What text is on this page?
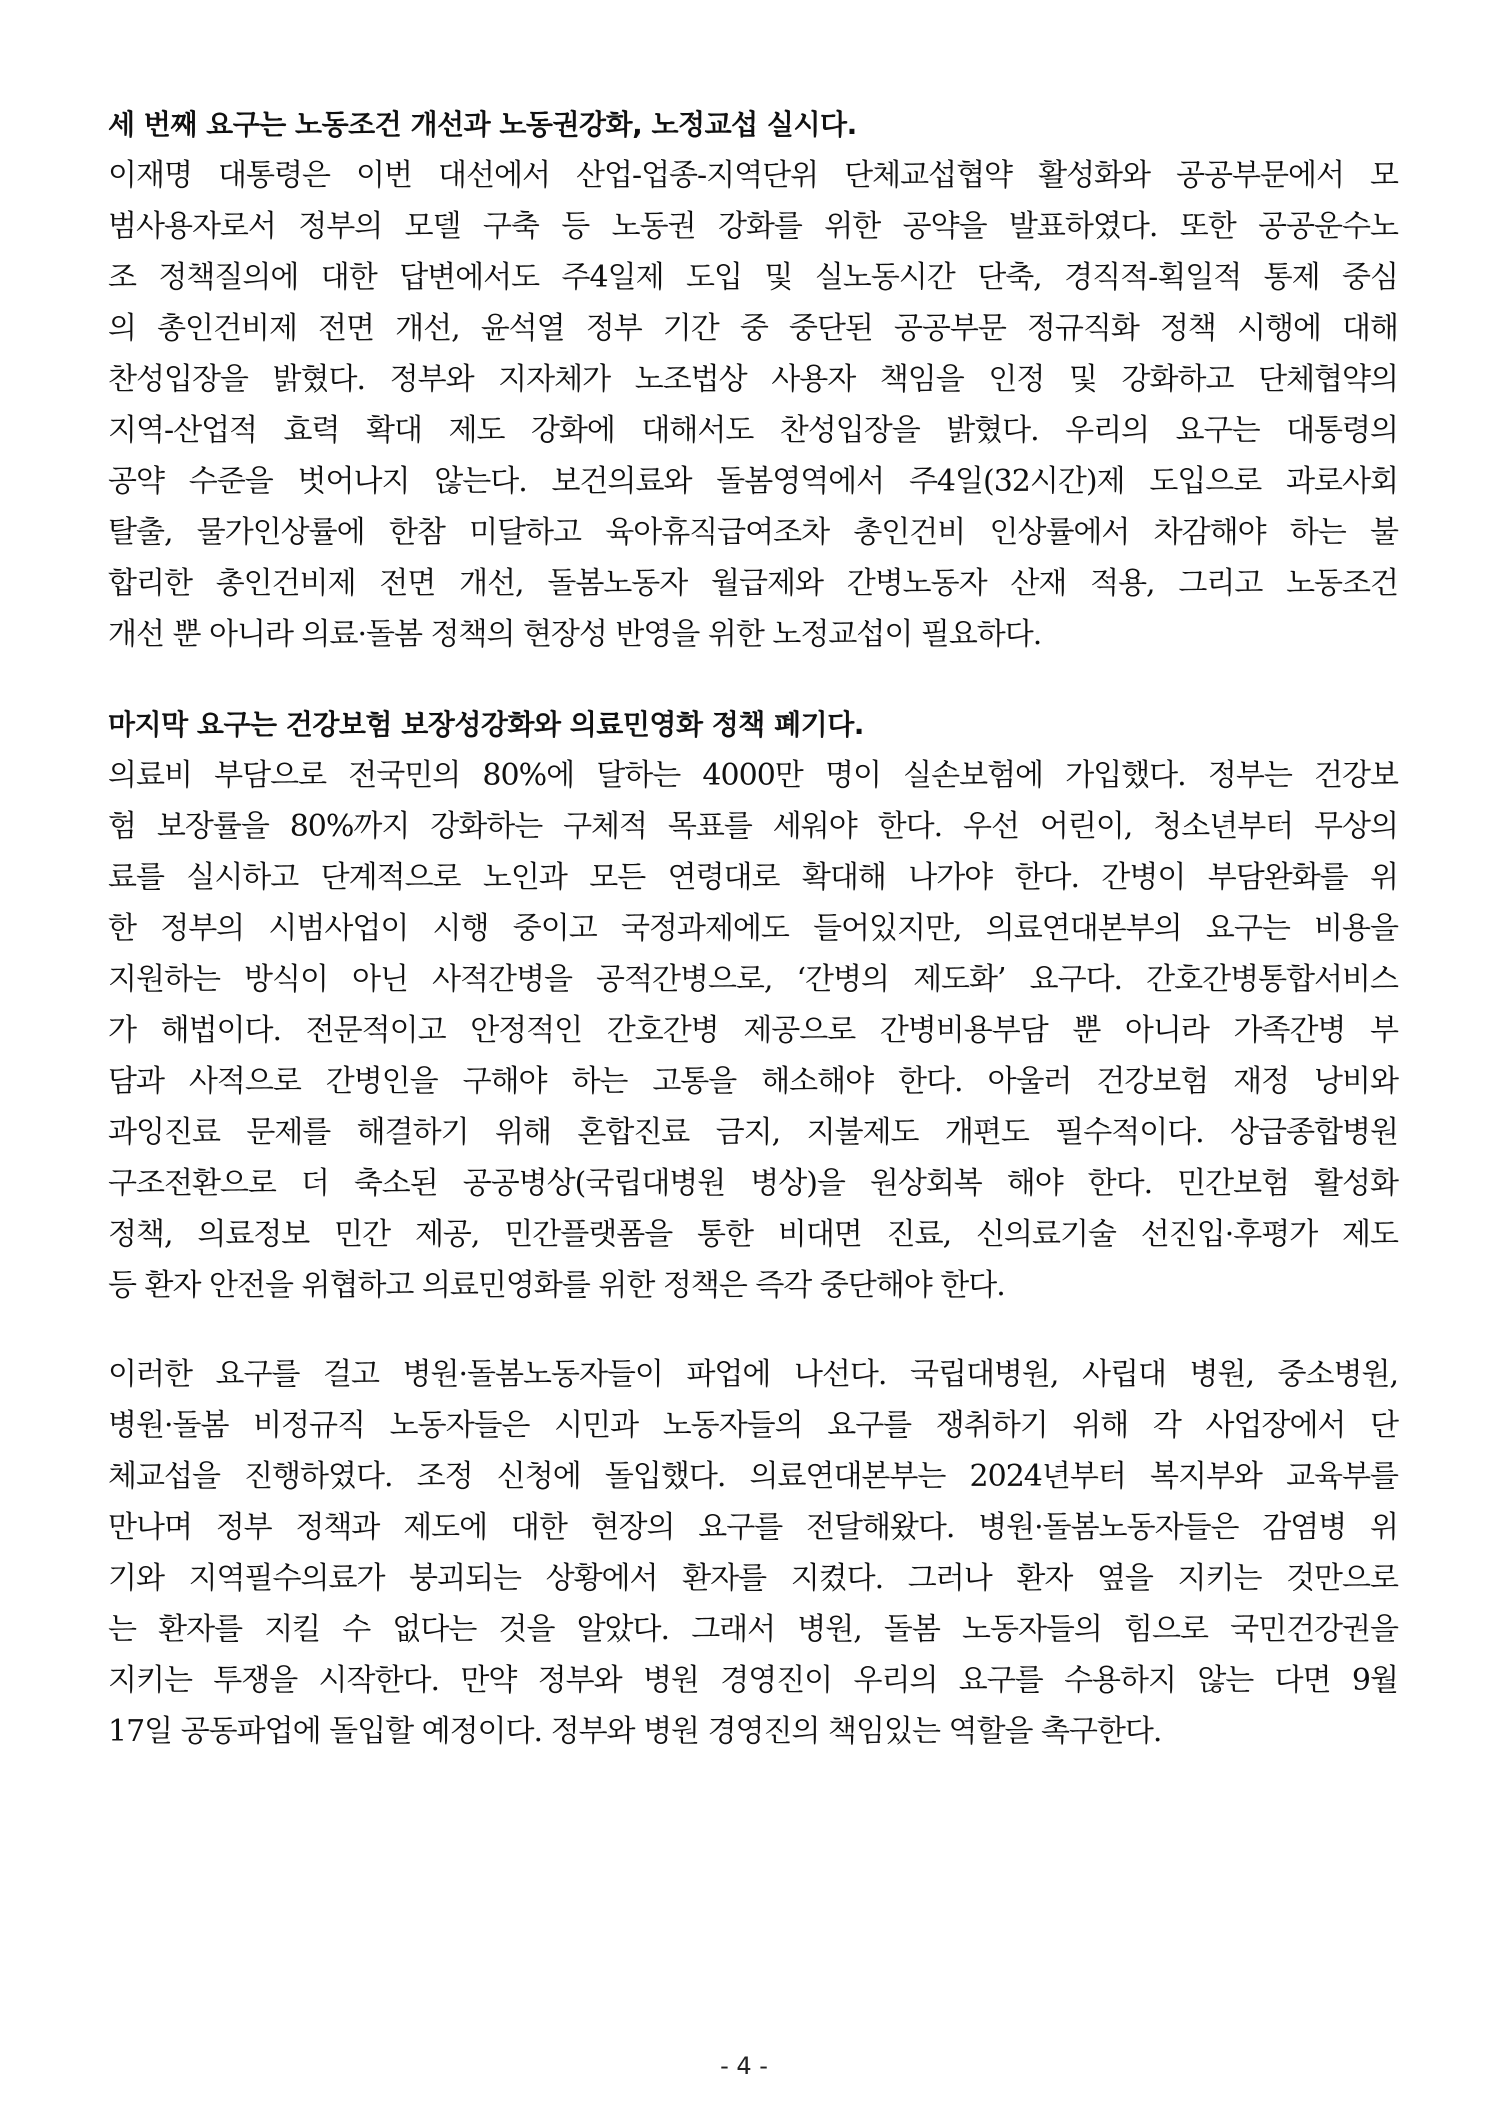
세 번째 요구는 노동조건 개선과 노동권강화, 노정교섭 실시다.

이재명 대통령은 이번 대선에서 산업-업종-지역단위 단체교섭협약 활성화와 공공부문에서 모

범사용자로서 정부의 모델 구축 등 노동권 강화를 위한 공약을 발표하였다. 또한 공공운수노

조 정책질의에 대한 답변에서도 주4일제 도입 및 실노동시간 단축, 경직적-획일적 통제 중심

의 총인건비제 전면 개선, 윤석열 정부 기간 중 중단된 공공부문 정규직화 정책 시행에 대해

찬성입장을 밝혔다. 정부와 지자체가 노조법상 사용자 책임을 인정 및 강화하고 단체협약의

지역-산업적 효력 확대 제도 강화에 대해서도 찬성입장을 밝혔다. 우리의 요구는 대통령의

공약 수준을 벗어나지 않는다. 보건의료와 돌봄영역에서 주4일(32시간)제 도입으로 과로사회

탈출, 물가인상률에 한참 미달하고 육아휴직급여조차 총인건비 인상률에서 차감해야 하는 불

합리한 총인건비제 전면 개선, 돌봄노동자 월급제와 간병노동자 산재 적용, 그리고 노동조건

개선 뿐 아니라 의료·돌봄 정책의 현장성 반영을 위한 노정교섭이 필요하다.

마지막 요구는 건강보험 보장성강화와 의료민영화 정책 폐기다.

의료비 부담으로 전국민의 80%에 달하는 4000만 명이 실손보험에 가입했다. 정부는 건강보

험 보장률을 80%까지 강화하는 구체적 목표를 세워야 한다. 우선 어린이, 청소년부터 무상의

료를 실시하고 단계적으로 노인과 모든 연령대로 확대해 나가야 한다. 간병이 부담완화를 위

한 정부의 시범사업이 시행 중이고 국정과제에도 들어있지만, 의료연대본부의 요구는 비용을

지원하는 방식이 아닌 사적간병을 공적간병으로, ‘간병의 제도화’ 요구다. 간호간병통합서비스

가 해법이다. 전문적이고 안정적인 간호간병 제공으로 간병비용부담 뿐 아니라 가족간병 부

담과 사적으로 간병인을 구해야 하는 고통을 해소해야 한다. 아울러 건강보험 재정 낭비와

과잉진료 문제를 해결하기 위해 혼합진료 금지, 지불제도 개편도 필수적이다. 상급종합병원

구조전환으로 더 축소된 공공병상(국립대병원 병상)을 원상회복 해야 한다. 민간보험 활성화

정책, 의료정보 민간 제공, 민간플랫폼을 통한 비대면 진료, 신의료기술 선진입·후평가 제도

등 환자 안전을 위협하고 의료민영화를 위한 정책은 즉각 중단해야 한다.

이러한 요구를 걸고 병원·돌봄노동자들이 파업에 나선다. 국립대병원, 사립대 병원, 중소병원,

병원·돌봄 비정규직 노동자들은 시민과 노동자들의 요구를 쟁취하기 위해 각 사업장에서 단

체교섭을 진행하였다. 조정 신청에 돌입했다. 의료연대본부는 2024년부터 복지부와 교육부를

만나며 정부 정책과 제도에 대한 현장의 요구를 전달해왔다. 병원·돌봄노동자들은 감염병 위

기와 지역필수의료가 붕괴되는 상황에서 환자를 지켰다. 그러나 환자 옆을 지키는 것만으로

는 환자를 지킬 수 없다는 것을 알았다. 그래서 병원, 돌봄 노동자들의 힘으로 국민건강권을

지키는 투쟁을 시작한다. 만약 정부와 병원 경영진이 우리의 요구를 수용하지 않는 다면 9월

17일 공동파업에 돌입할 예정이다. 정부와 병원 경영진의 책임있는 역할을 촉구한다.

- 4 -
